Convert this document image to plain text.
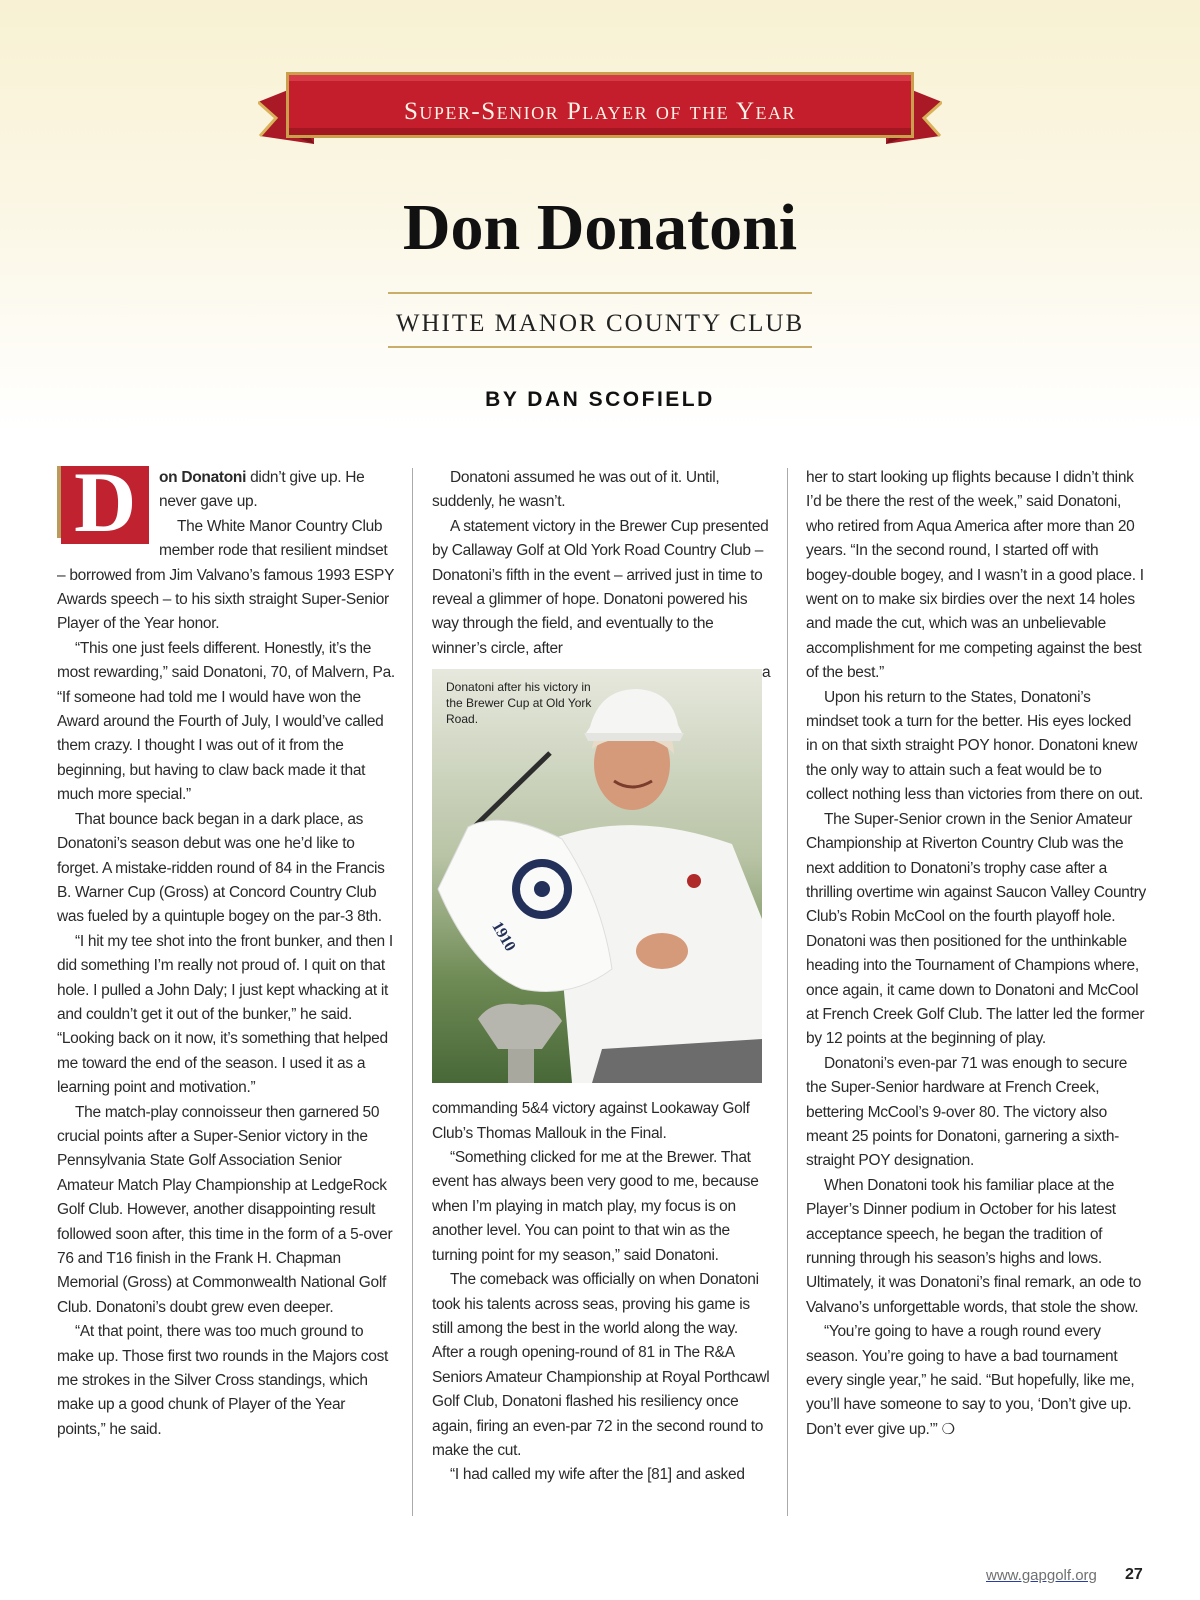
Super-Senior Player of the Year
Don Donatoni
WHITE MANOR COUNTY CLUB
BY DAN SCOFIELD
D	on Donatoni didn’t give up. He never gave up.

The White Manor Country Club member rode that resilient mindset – borrowed from Jim Valvano’s famous 1993 ESPY Awards speech – to his sixth straight Super-Senior Player of the Year honor.

“This one just feels different. Honestly, it’s the most rewarding,” said Donatoni, 70, of Malvern, Pa. “If someone had told me I would have won the Award around the Fourth of July, I would’ve called them crazy. I thought I was out of it from the beginning, but having to claw back made it that much more special.”

That bounce back began in a dark place, as Donatoni’s season debut was one he’d like to forget. A mistake-ridden round of 84 in the Francis B. Warner Cup (Gross) at Concord Country Club was fueled by a quintuple bogey on the par-3 8th.

“I hit my tee shot into the front bunker, and then I did something I’m really not proud of. I quit on that hole. I pulled a John Daly; I just kept whacking at it and couldn’t get it out of the bunker,” he said. “Looking back on it now, it’s something that helped me toward the end of the season. I used it as a learning point and motivation.”

The match-play connoisseur then garnered 50 crucial points after a Super-Senior victory in the Pennsylvania State Golf Association Senior Amateur Match Play Championship at LedgeRock Golf Club. However, another disappointing result followed soon after, this time in the form of a 5-over 76 and T16 finish in the Frank H. Chapman Memorial (Gross) at Commonwealth National Golf Club. Donatoni’s doubt grew even deeper.

“At that point, there was too much ground to make up. Those first two rounds in the Majors cost me strokes in the Silver Cross standings, which make up a good chunk of Player of the Year points,” he said.

Donatoni assumed he was out of it. Until, suddenly, he wasn’t.

A statement victory in the Brewer Cup presented by Callaway Golf at Old York Road Country Club – Donatoni’s fifth in the event – arrived just in time to reveal a glimmer of hope. Donatoni powered his way through the field, and eventually to the winner’s circle, after

1910
Donatoni after his victory in the Brewer Cup at Old York Road.

a commanding 5&4 victory against Lookaway Golf Club’s Thomas Mallouk in the Final.

“Something clicked for me at the Brewer. That event has always been very good to me, because when I’m playing in match play, my focus is on another level. You can point to that win as the turning point for my season,” said Donatoni.

The comeback was officially on when Donatoni took his talents across seas, proving his game is still among the best in the world along the way. After a rough opening-round of 81 in The R&A Seniors Amateur Championship at Royal Porthcawl Golf Club, Donatoni flashed his resiliency once again, firing an even-par 72 in the second round to make the cut.

“I had called my wife after the [81] and asked

her to start looking up flights because I didn’t think I’d be there the rest of the week,” said Donatoni, who retired from Aqua America after more than 20 years. “In the second round, I started off with bogey-double bogey, and I wasn’t in a good place. I went on to make six birdies over the next 14 holes and made the cut, which was an unbelievable accomplishment for me competing against the best of the best.”

Upon his return to the States, Donatoni’s mindset took a turn for the better. His eyes locked in on that sixth straight POY honor. Donatoni knew the only way to attain such a feat would be to collect nothing less than victories from there on out.

The Super-Senior crown in the Senior Amateur Championship at Riverton Country Club was the next addition to Donatoni’s trophy case after a thrilling overtime win against Saucon Valley Country Club’s Robin McCool on the fourth playoff hole. Donatoni was then positioned for the unthinkable heading into the Tournament of Champions where, once again, it came down to Donatoni and McCool at French Creek Golf Club. The latter led the former by 12 points at the beginning of play.

Donatoni’s even-par 71 was enough to secure the Super-Senior hardware at French Creek, bettering McCool’s 9-over 80. The victory also meant 25 points for Donatoni, garnering a sixth-straight POY designation.

When Donatoni took his familiar place at the Player’s Dinner podium in October for his latest acceptance speech, he began the tradition of running through his season’s highs and lows. Ultimately, it was Donatoni’s final remark, an ode to Valvano’s unforgettable words, that stole the show.

“You’re going to have a rough round every season. You’re going to have a bad tournament every single year,” he said. “But hopefully, like me, you’ll have someone to say to you, ‘Don’t give up. Don’t ever give up.’” ❍

www.gapgolf.org 27
